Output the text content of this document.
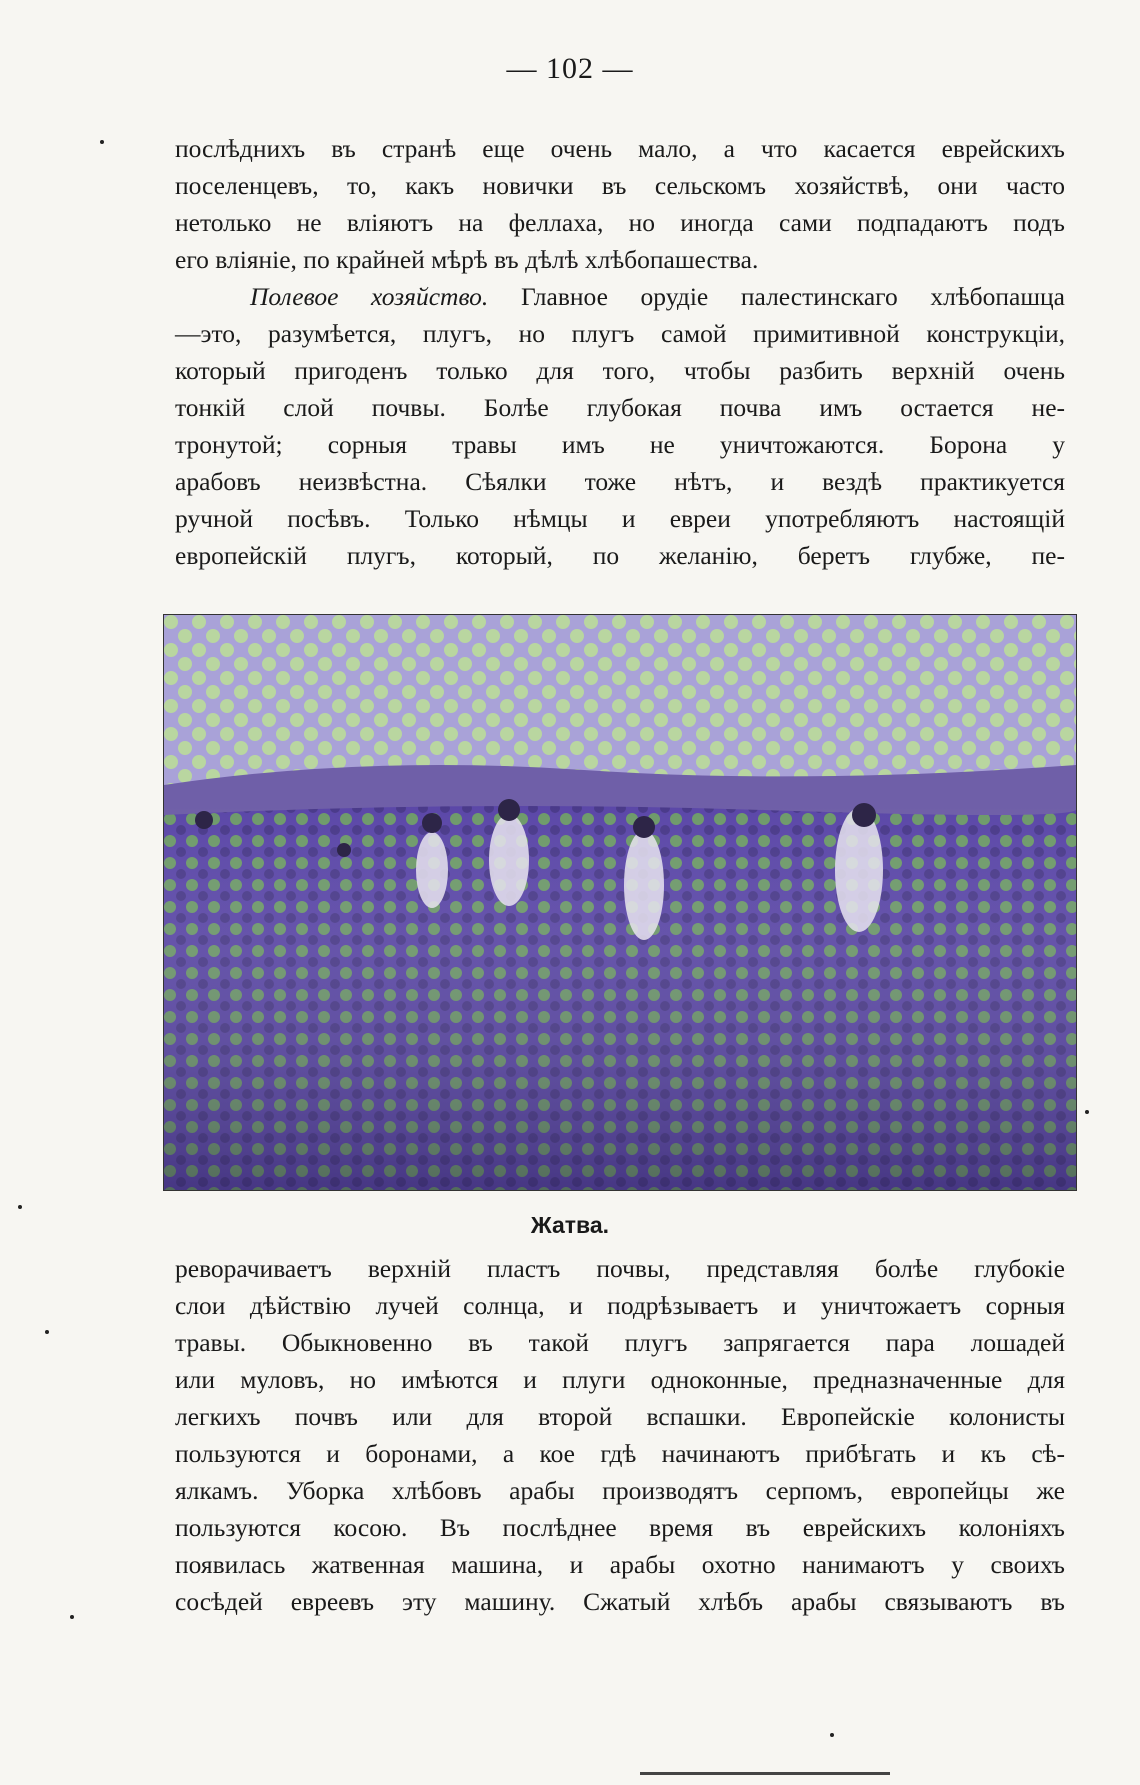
— 102 —
послѣднихъ въ странѣ еще очень мало, а что касается еврейскихъ
поселенцевъ, то, какъ новички въ сельскомъ хозяйствѣ, они часто
нетолько не вліяютъ на феллаха, но иногда сами подпадаютъ подъ
его вліяніе, по крайней мѣрѣ въ дѣлѣ хлѣбопашества.
Полевое хозяйство. Главное орудіе палестинскаго хлѣбопашца
—это, разумѣется, плугъ, но плугъ самой примитивной конструкціи,
который пригоденъ только для того, чтобы разбить верхній очень
тонкій слой почвы. Болѣе глубокая почва имъ остается не-
тронутой; сорныя травы имъ не уничтожаются. Борона у
арабовъ неизвѣстна. Сѣялки тоже нѣтъ, и вездѣ практикуется
ручной посѣвъ. Только нѣмцы и евреи употребляютъ настоящій
европейскій плугъ, который, по желанію, беретъ глубже, пе-
Жатва.
реворачиваетъ верхній пластъ почвы, представляя болѣе глубокіе
слои дѣйствію лучей солнца, и подрѣзываетъ и уничтожаетъ сорныя
травы. Обыкновенно въ такой плугъ запрягается пара лошадей
или муловъ, но имѣются и плуги одноконные, предназначенные для
легкихъ почвъ или для второй вспашки. Европейскіе колонисты
пользуются и боронами, а кое гдѣ начинаютъ прибѣгать и къ сѣ-
ялкамъ. Уборка хлѣбовъ арабы производятъ серпомъ, европейцы же
пользуются косою. Въ послѣднее время въ еврейскихъ колоніяхъ
появилась жатвенная машина, и арабы охотно нанимаютъ у своихъ
сосѣдей евреевъ эту машину. Сжатый хлѣбъ арабы связываютъ въ
